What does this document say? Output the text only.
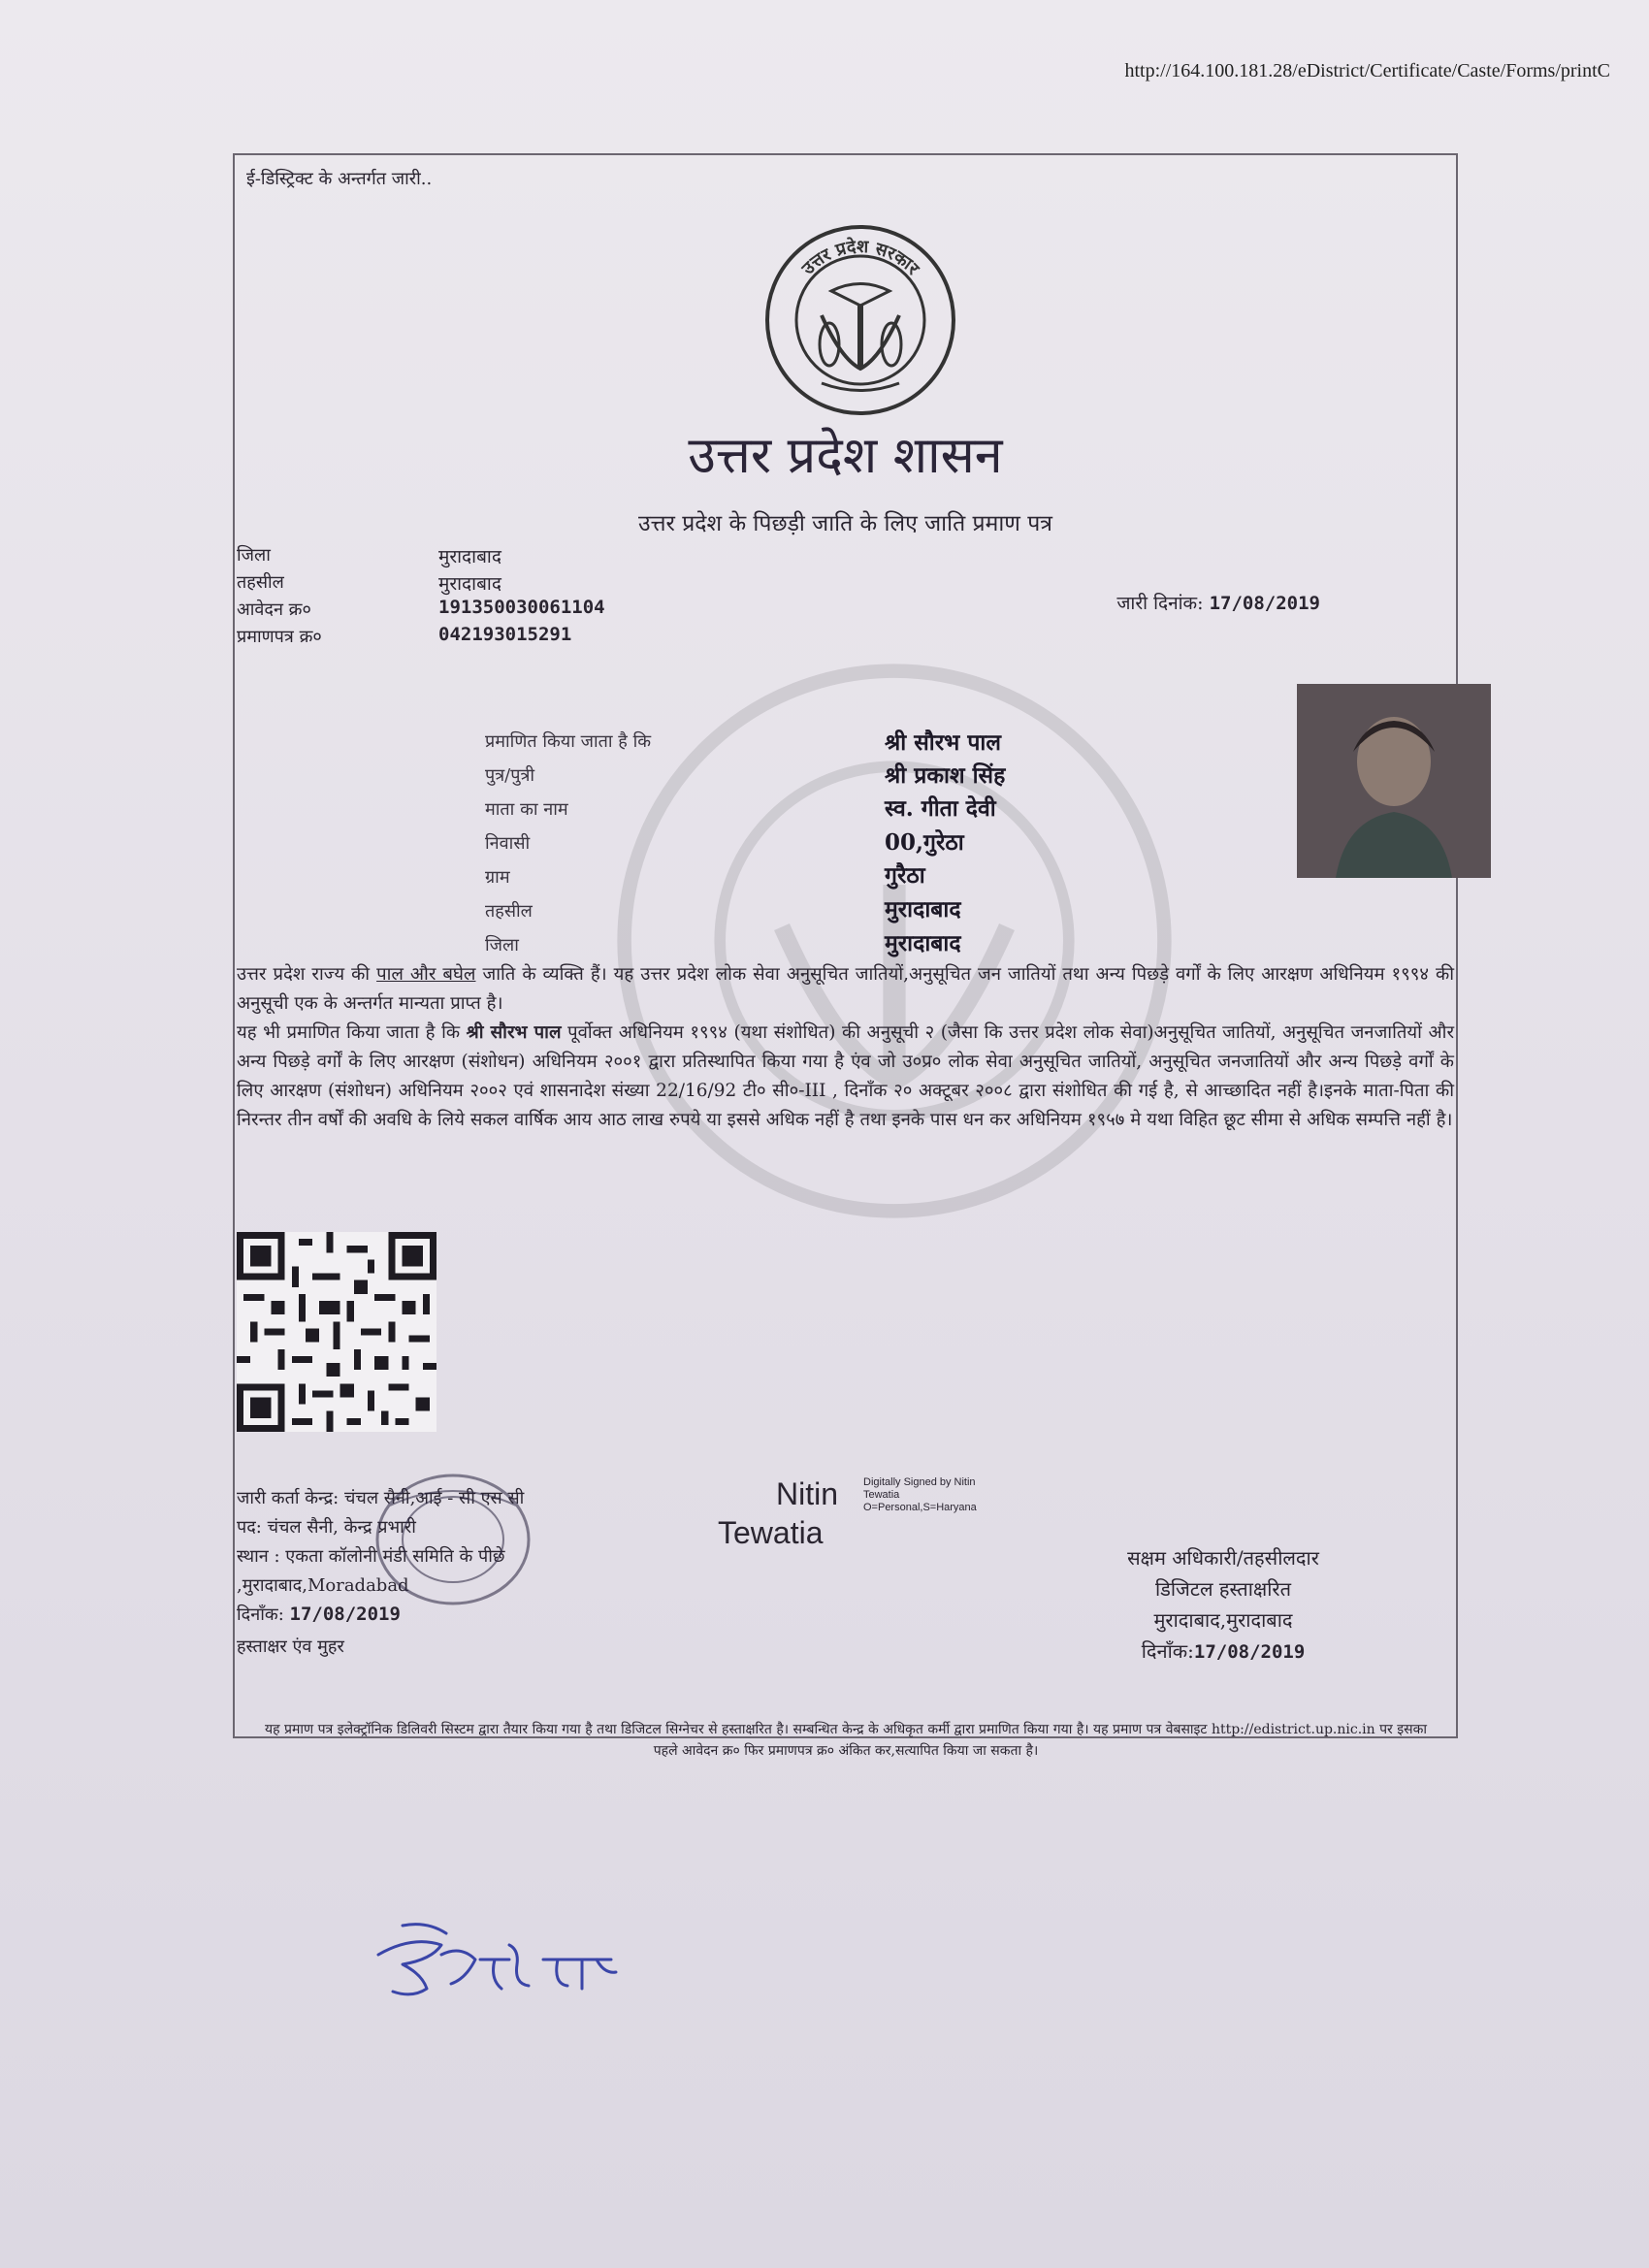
http://164.100.181.28/eDistrict/Certificate/Caste/Forms/printC
ई-डिस्ट्रिक्ट के अन्तर्गत जारी..
उत्तर प्रदेश सरकार
उत्तर प्रदेश शासन
उत्तर प्रदेश के पिछड़ी जाति के लिए जाति प्रमाण पत्र
जिला	मुरादाबाद
तहसील	मुरादाबाद
आवेदन क्र०	191350030061104
प्रमाणपत्र क्र०	042193015291
जारी दिनांक: 17/08/2019
प्रमाणित किया जाता है कि	श्री सौरभ पाल
पुत्र/पुत्री	श्री प्रकाश सिंह
माता का नाम	स्व. गीता देवी
निवासी	00,गुरेठा
ग्राम	गुरैठा
तहसील	मुरादाबाद
जिला	मुरादाबाद
उत्तर प्रदेश राज्य की पाल और बघेल जाति के व्यक्ति हैं। यह उत्तर प्रदेश लोक सेवा अनुसूचित जातियों,अनुसूचित जन जातियों तथा अन्य पिछड़े वर्गों के लिए आरक्षण अधिनियम १९९४ की अनुसूची एक के अन्तर्गत मान्यता प्राप्त है।
यह भी प्रमाणित किया जाता है कि श्री सौरभ पाल पूर्वोक्त अधिनियम १९९४ (यथा संशोधित) की अनुसूची २ (जैसा कि उत्तर प्रदेश लोक सेवा)अनुसूचित जातियों, अनुसूचित जनजातियों और अन्य पिछड़े वर्गों के लिए आरक्षण (संशोधन) अधिनियम २००१ द्वारा प्रतिस्थापित किया गया है एंव जो उ०प्र० लोक सेवा अनुसूचित जातियों, अनुसूचित जनजातियों और अन्य पिछड़े वर्गों के लिए आरक्षण (संशोधन) अधिनियम २००२ एवं शासनादेश संख्या 22/16/92 टी० सी०-III , दिनाँक २० अक्टूबर २००८ द्वारा संशोधित की गई है, से आच्छादित नहीं है।इनके माता-पिता की निरन्तर तीन वर्षों की अवधि के लिये सकल वार्षिक आय आठ लाख रुपये या इससे अधिक नहीं है तथा इनके पास धन कर अधिनियम १९५७ मे यथा विहित छूट सीमा से अधिक सम्पत्ति नहीं है।
जारी कर्ता केन्द्र: चंचल सैनी,आई - सी एस सी
पद: चंचल सैनी, केन्द्र प्रभारी
स्थान : एकता कॉलोनी मंडी समिति के पीछे
,मुरादाबाद,Moradabad
दिनाँक: 17/08/2019
हस्ताक्षर एंव मुहर
Nitin	Digitally Signed by Nitin
Tewatia
O=Personal,S=Haryana
Tewatia
सक्षम अधिकारी/तहसीलदार
डिजिटल हस्ताक्षरित
मुरादाबाद,मुरादाबाद
दिनाँक:17/08/2019
यह प्रमाण पत्र इलेक्ट्रॉनिक डिलिवरी सिस्टम द्वारा तैयार किया गया है तथा डिजिटल सिग्नेचर से हस्ताक्षरित है। सम्बन्धित केन्द्र के अधिकृत कर्मी द्वारा प्रमाणित किया गया है। यह प्रमाण पत्र वेबसाइट http://edistrict.up.nic.in पर इसका पहले आवेदन क्र० फिर प्रमाणपत्र क्र० अंकित कर,सत्यापित किया जा सकता है।
